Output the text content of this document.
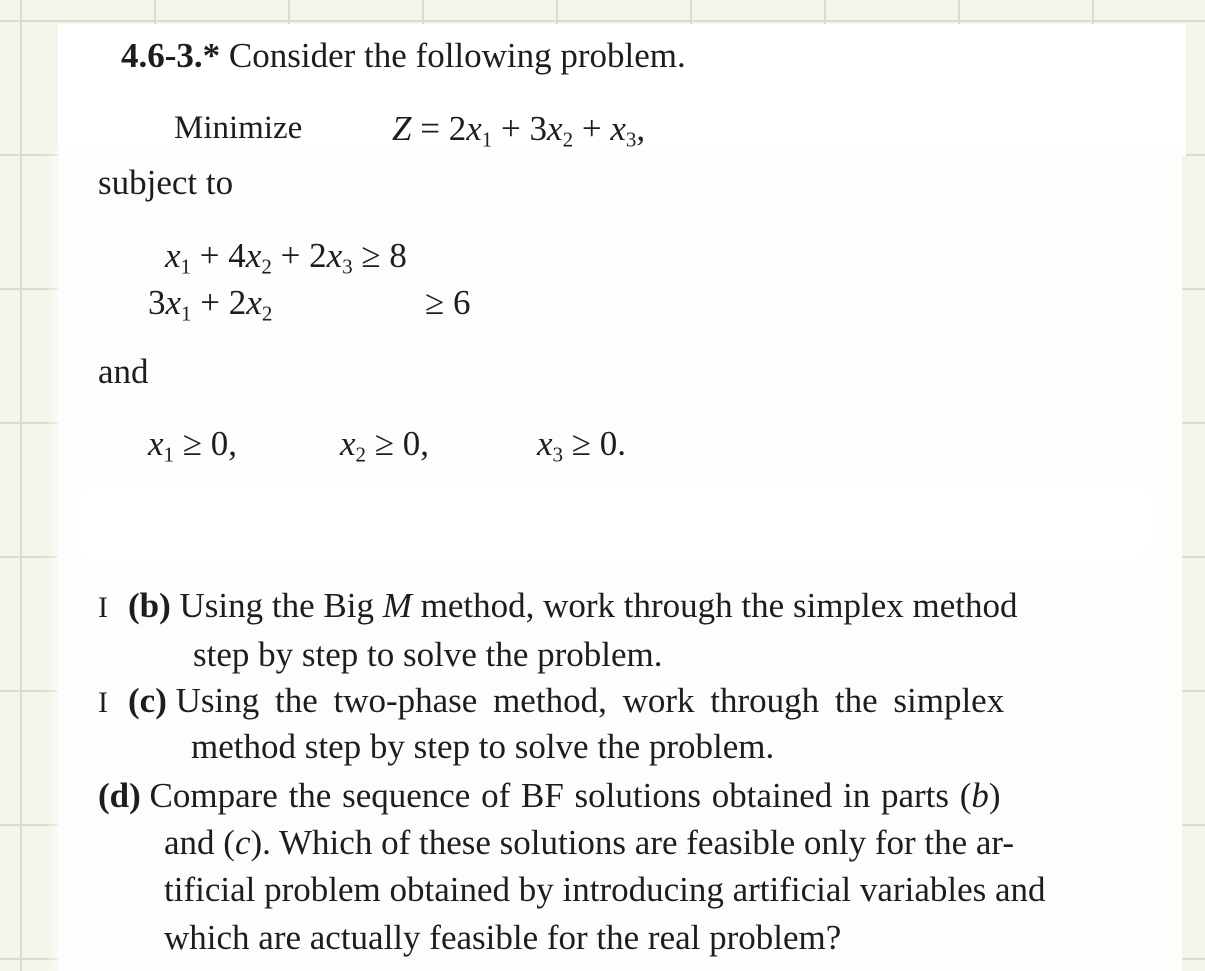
4.6-3.* Consider the following problem.
Minimize	$Z = 2x_1 + 3x_2 + x_3$,
subject to
$x_1 + 4x_2 + 2x_3 \ge 8$
$3x_1 + 2x_2$	≥ 6
and
$x_1 \ge 0$,	$x_2 \ge 0$,	$x_3 \ge 0$.
I (b) Using the Big M method, work through the simplex method
step by step to solve the problem.
I (c) Using the two-phase method, work through the simplex
method step by step to solve the problem.
(d) Compare the sequence of BF solutions obtained in parts (b)
and (c). Which of these solutions are feasible only for the ar-
tificial problem obtained by introducing artificial variables and
which are actually feasible for the real problem?
